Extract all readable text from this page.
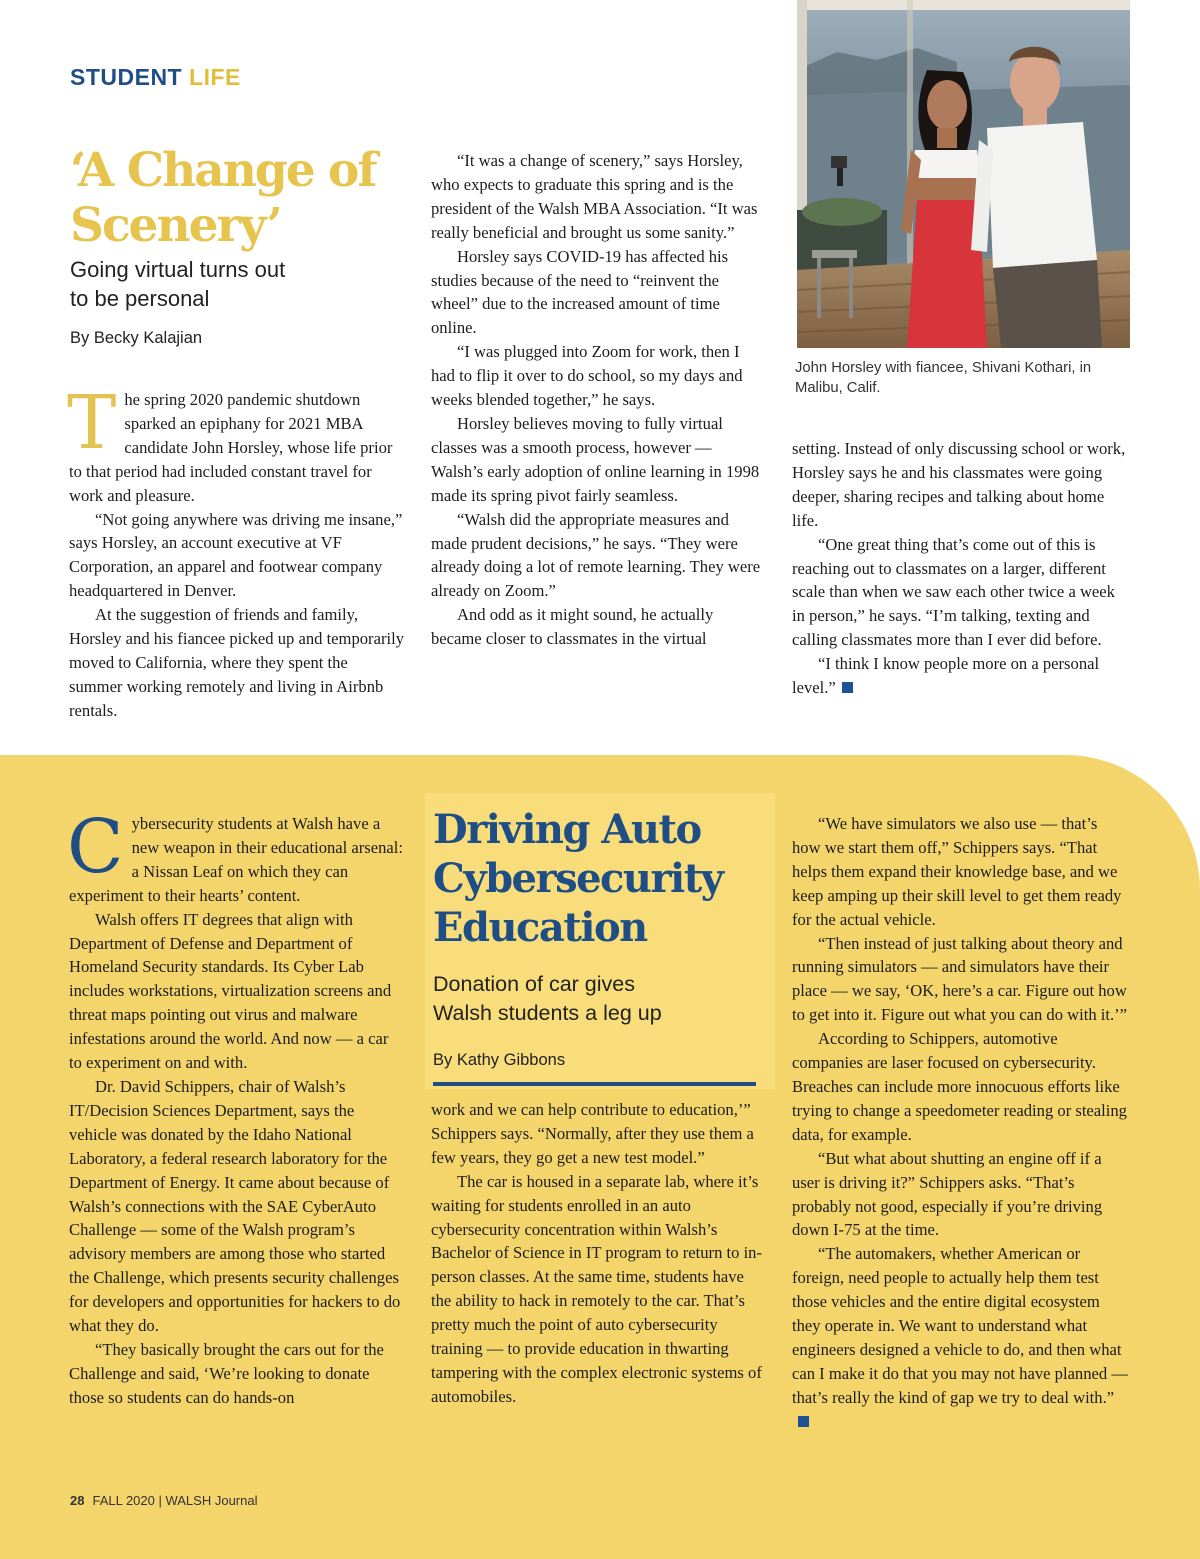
STUDENT LIFE
‘A Change of
Scenery’
Going virtual turns out
to be personal
By Becky Kalajian

The spring 2020 pandemic shutdown sparked an epiphany for 2021 MBA candidate John Horsley, whose life prior to that period had included constant travel for work and pleasure.

“Not going anywhere was driving me insane,” says Horsley, an account executive at VF Corporation, an apparel and footwear company headquartered in Denver.

At the suggestion of friends and family, Horsley and his fiancee picked up and temporarily moved to California, where they spent the summer working remotely and living in Airbnb rentals.

“It was a change of scenery,” says Horsley, who expects to graduate this spring and is the president of the Walsh MBA Association. “It was really beneficial and brought us some sanity.”

Horsley says COVID-19 has affected his studies because of the need to “reinvent the wheel” due to the increased amount of time online.

“I was plugged into Zoom for work, then I had to flip it over to do school, so my days and weeks blended together,” he says.

Horsley believes moving to fully virtual classes was a smooth process, however — Walsh’s early adoption of online learning in 1998 made its spring pivot fairly seamless.

“Walsh did the appropriate measures and made prudent decisions,” he says. “They were already doing a lot of remote learning. They were already on Zoom.”

And odd as it might sound, he actually became closer to classmates in the virtual

John Horsley with fiancee, Shivani Kothari, in Malibu, Calif.

setting. Instead of only discussing school or work, Horsley says he and his classmates were going deeper, sharing recipes and talking about home life.

“One great thing that’s come out of this is reaching out to classmates on a larger, different scale than when we saw each other twice a week in person,” he says. “I’m talking, texting and calling classmates more than I ever did before.

“I think I know people more on a personal level.”

Driving Auto
Cybersecurity
Education
Donation of car gives
Walsh students a leg up
By Kathy Gibbons

Cybersecurity students at Walsh have a new weapon in their educational arsenal: a Nissan Leaf on which they can experiment to their hearts’ content.

Walsh offers IT degrees that align with Department of Defense and Department of Homeland Security standards. Its Cyber Lab includes workstations, virtualization screens and threat maps pointing out virus and malware infestations around the world. And now — a car to experiment on and with.

Dr. David Schippers, chair of Walsh’s IT/Decision Sciences Department, says the vehicle was donated by the Idaho National Laboratory, a federal research laboratory for the Department of Energy. It came about because of Walsh’s connections with the SAE CyberAuto Challenge — some of the Walsh program’s advisory members are among those who started the Challenge, which presents security challenges for developers and opportunities for hackers to do what they do.

“They basically brought the cars out for the Challenge and said, ‘We’re looking to donate those so students can do hands-on

work and we can help contribute to education,’” Schippers says. “Normally, after they use them a few years, they go get a new test model.”

The car is housed in a separate lab, where it’s waiting for students enrolled in an auto cybersecurity concentration within Walsh’s Bachelor of Science in IT program to return to in-person classes. At the same time, students have the ability to hack in remotely to the car. That’s pretty much the point of auto cybersecurity training — to provide education in thwarting tampering with the complex electronic systems of automobiles.

“We have simulators we also use — that’s how we start them off,” Schippers says. “That helps them expand their knowledge base, and we keep amping up their skill level to get them ready for the actual vehicle.

“Then instead of just talking about theory and running simulators — and simulators have their place — we say, ‘OK, here’s a car. Figure out how to get into it. Figure out what you can do with it.’”

According to Schippers, automotive companies are laser focused on cybersecurity. Breaches can include more innocuous efforts like trying to change a speedometer reading or stealing data, for example.

“But what about shutting an engine off if a user is driving it?” Schippers asks. “That’s probably not good, especially if you’re driving down I-75 at the time.

“The automakers, whether American or foreign, need people to actually help them test those vehicles and the entire digital ecosystem they operate in. We want to understand what engineers designed a vehicle to do, and then what can I make it do that you may not have planned — that’s really the kind of gap we try to deal with.”

28 FALL 2020 | WALSH Journal
